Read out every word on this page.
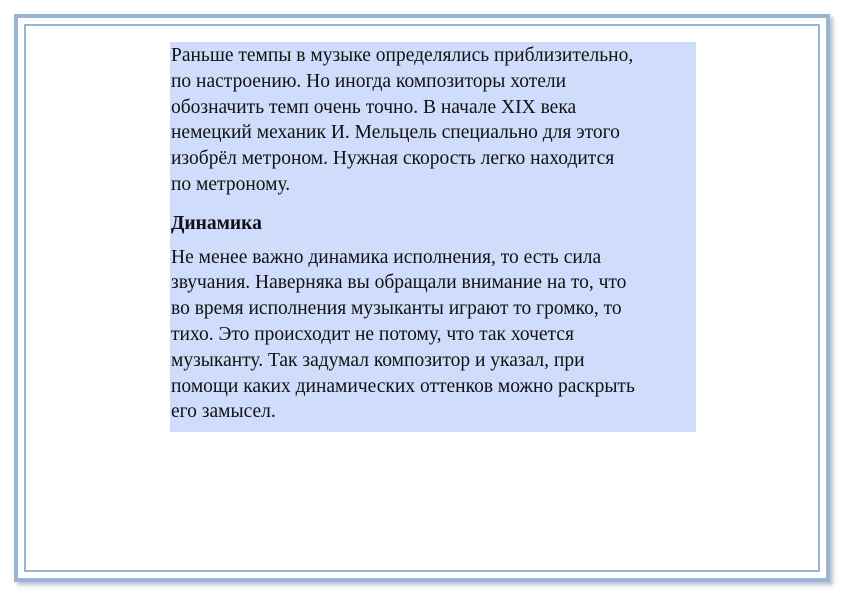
Раньше темпы в музыке определялись приблизительно,
по настроению. Но иногда композиторы хотели
обозначить темп очень точно. В начале XIX века
немецкий механик И. Мельцель специально для этого
изобрёл метроном. Нужная скорость легко находится
по метроному.

Динамика

Не менее важно динамика исполнения, то есть сила
звучания. Наверняка вы обращали внимание на то, что
во время исполнения музыканты играют то громко, то
тихо. Это происходит не потому, что так хочется
музыканту. Так задумал композитор и указал, при
помощи каких динамических оттенков можно раскрыть
его замысел.
